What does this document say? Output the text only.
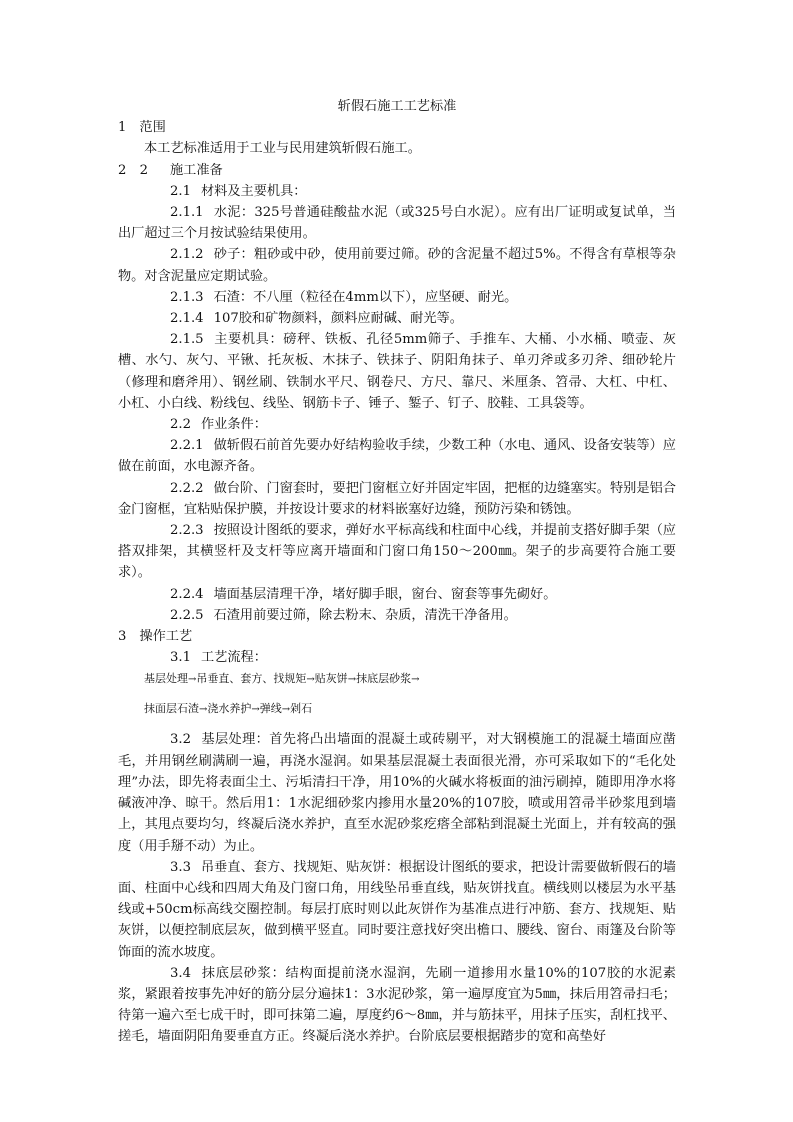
斩假石施工工艺标准

1 范围

本工艺标准适用于工业与民用建筑斩假石施工。

2　2 施工准备

2.1 材料及主要机具：

2.1.1 水泥：325号普通硅酸盐水泥（或325号白水泥）。应有出厂证明或复试单，当出厂超过三个月按试验结果使用。

2.1.2 砂子：粗砂或中砂，使用前要过筛。砂的含泥量不超过5%。不得含有草根等杂物。对含泥量应定期试验。

2.1.3 石渣：不八厘（粒径在4mm以下），应坚硬、耐光。

2.1.4 107胶和矿物颜料，颜料应耐碱、耐光等。

2.1.5 主要机具：磅秤、铁板、孔径5mm筛子、手推车、大桶、小水桶、喷壶、灰槽、水勺、灰勺、平锹、托灰板、木抹子、铁抹子、阴阳角抹子、单刃斧或多刃斧、细砂轮片（修理和磨斧用）、钢丝刷、铁制水平尺、钢卷尺、方尺、靠尺、米厘条、笤帚、大杠、中杠、小杠、小白线、粉线包、线坠、钢筋卡子、锤子、錾子、钉子、胶鞋、工具袋等。

2.2 作业条件：

2.2.1 做斩假石前首先要办好结构验收手续，少数工种（水电、通风、设备安装等）应做在前面，水电源齐备。

2.2.2 做台阶、门窗套时，要把门窗框立好并固定牢固，把框的边缝塞实。特别是铝合金门窗框，宜粘贴保护膜，并按设计要求的材料嵌塞好边缝，预防污染和锈蚀。

2.2.3 按照设计图纸的要求，弹好水平标高线和柱面中心线，并提前支搭好脚手架（应搭双排架，其横竖杆及支杆等应离开墙面和门窗口角150～200㎜。架子的步高要符合施工要求）。

2.2.4 墙面基层清理干净，堵好脚手眼，窗台、窗套等事先砌好。

2.2.5 石渣用前要过筛，除去粉末、杂质，清洗干净备用。

3 操作工艺

3.1 工艺流程：

基层处理→吊垂直、套方、找规矩→贴灰饼→抹底层砂浆→

抹面层石渣→浇水养护→弹线→剁石

3.2 基层处理：首先将凸出墙面的混凝土或砖剔平，对大钢模施工的混凝土墙面应凿毛，并用钢丝刷满刷一遍，再浇水湿润。如果基层混凝土表面很光滑，亦可采取如下的“毛化处理”办法，即先将表面尘土、污垢清扫干净，用10%的火碱水将板面的油污刷掉，随即用净水将碱液冲净、晾干。然后用1：1水泥细砂浆内掺用水量20%的107胶，喷或用笤帚半砂浆甩到墙上，其甩点要均匀，终凝后浇水养护，直至水泥砂浆疙瘩全部粘到混凝土光面上，并有较高的强度（用手掰不动）为止。

3.3 吊垂直、套方、找规矩、贴灰饼：根据设计图纸的要求，把设计需要做斩假石的墙面、柱面中心线和四周大角及门窗口角，用线坠吊垂直线，贴灰饼找直。横线则以楼层为水平基线或+50cm标高线交圈控制。每层打底时则以此灰饼作为基准点进行冲筋、套方、找规矩、贴灰饼，以便控制底层灰，做到横平竖直。同时要注意找好突出檐口、腰线、窗台、雨篷及台阶等饰面的流水坡度。

3.4 抹底层砂浆：结构面提前浇水湿润，先刷一道掺用水量10%的107胶的水泥素浆，紧跟着按事先冲好的筋分层分遍抹1：3水泥砂浆，第一遍厚度宜为5㎜，抹后用笤帚扫毛；待第一遍六至七成干时，即可抹第二遍，厚度约6～8㎜，并与筋抹平，用抹子压实，刮杠找平、搓毛，墙面阴阳角要垂直方正。终凝后浇水养护。台阶底层要根据踏步的宽和高垫好
